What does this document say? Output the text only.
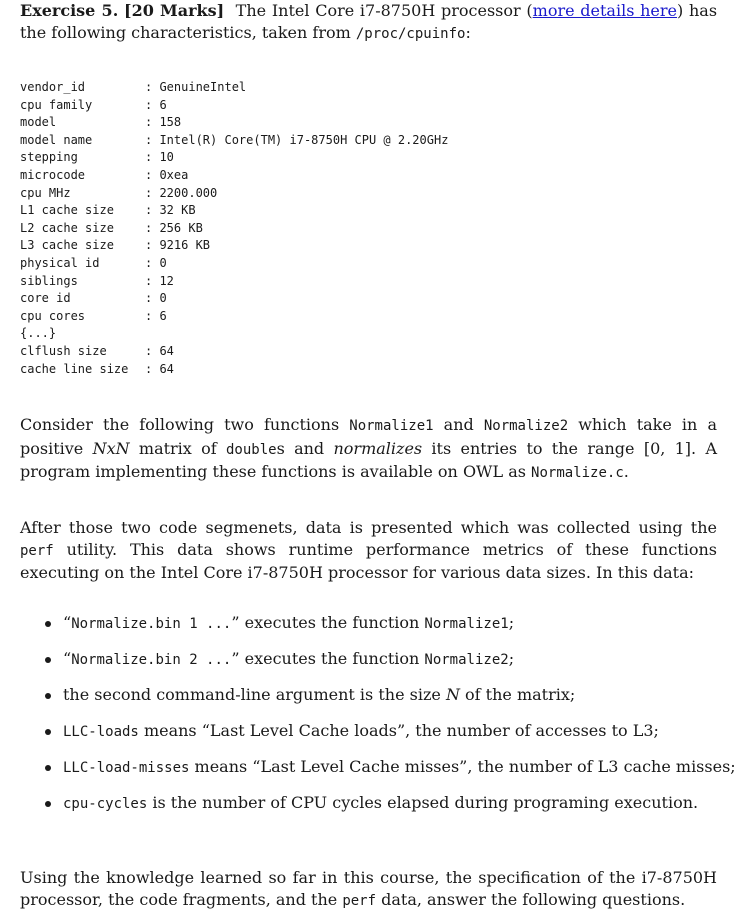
Exercise 5. [20 Marks] The Intel Core i7-8750H processor (more details here) has the following characteristics, taken from /proc/cpuinfo:

vendor_id	: GenuineIntel
cpu family	: 6
model	: 158
model name	: Intel(R) Core(TM) i7-8750H CPU @ 2.20GHz
stepping	: 10
microcode	: 0xea
cpu MHz	: 2200.000
L1 cache size	: 32 KB
L2 cache size	: 256 KB
L3 cache size	: 9216 KB
physical id	: 0
siblings	: 12
core id	: 0
cpu cores	: 6
{...}
clflush size	: 64
cache line size : 64

Consider the following two functions Normalize1 and Normalize2 which take in a positive NxN matrix of doubles and normalizes its entries to the range [0, 1]. A program implementing these functions is available on OWL as Normalize.c.

After those two code segmenets, data is presented which was collected using the perf utility. This data shows runtime performance metrics of these functions executing on the Intel Core i7-8750H processor for various data sizes. In this data:

“Normalize.bin 1 ...” executes the function Normalize1;
“Normalize.bin 2 ...” executes the function Normalize2;
the second command-line argument is the size N of the matrix;
LLC-loads means “Last Level Cache loads”, the number of accesses to L3;
LLC-load-misses means “Last Level Cache misses”, the number of L3 cache misses;
cpu-cycles is the number of CPU cycles elapsed during programing execution.

Using the knowledge learned so far in this course, the specification of the i7-8750H processor, the code fragments, and the perf data, answer the following questions.
